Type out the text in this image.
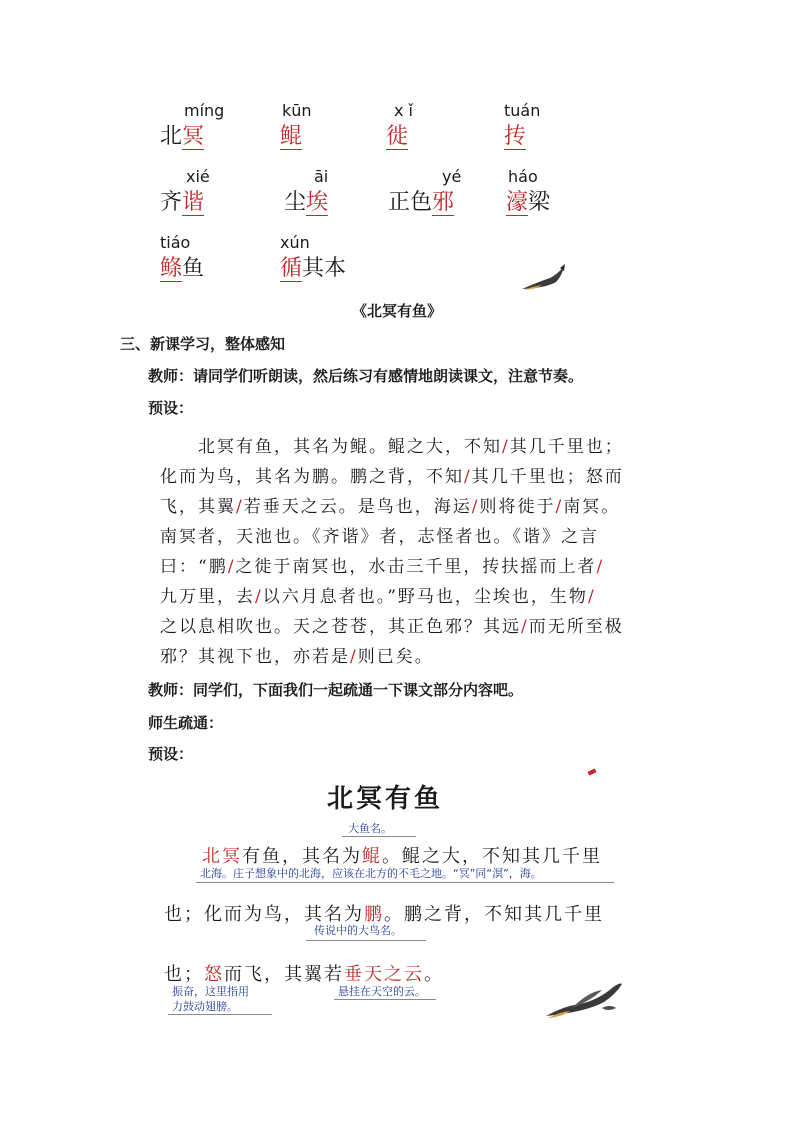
míng
北冥
kūn
鲲
x ǐ
徙
tuán
抟
xié
齐谐
āi
尘埃
yé
正色邪
háo
濠梁
tiáo
鲦鱼
xún
循其本
《北冥有鱼》
三、新课学习，整体感知
教师：请同学们听朗读，然后练习有感情地朗读课文，注意节奏。
预设：
　　北冥有鱼，其名为鲲。鲲之大，不知/其几千里也；
化而为鸟，其名为鹏。鹏之背，不知/其几千里也；怒而
飞，其翼/若垂天之云。是鸟也，海运/则将徙于/南冥。
南冥者，天池也。《齐谐》者，志怪者也。《谐》之言
曰：“鹏/之徙于南冥也，水击三千里，抟扶摇而上者/
九万里，去/以六月息者也。”野马也，尘埃也，生物/
之以息相吹也。天之苍苍，其正色邪？其远/而无所至极
邪？其视下也，亦若是/则已矣。
教师：同学们，下面我们一起疏通一下课文部分内容吧。
师生疏通：
预设：
北冥有鱼
大鱼名。
北冥有鱼，其名为鲲。鲲之大，不知其几千里
北海。庄子想象中的北海，应该在北方的不毛之地。“冥”同“溟”，海。
也；化而为鸟，其名为鹏。鹏之背，不知其几千里
传说中的大鸟名。
也；怒而飞，其翼若垂天之云。
振奋，这里指用
力鼓动翅膀。
悬挂在天空的云。
